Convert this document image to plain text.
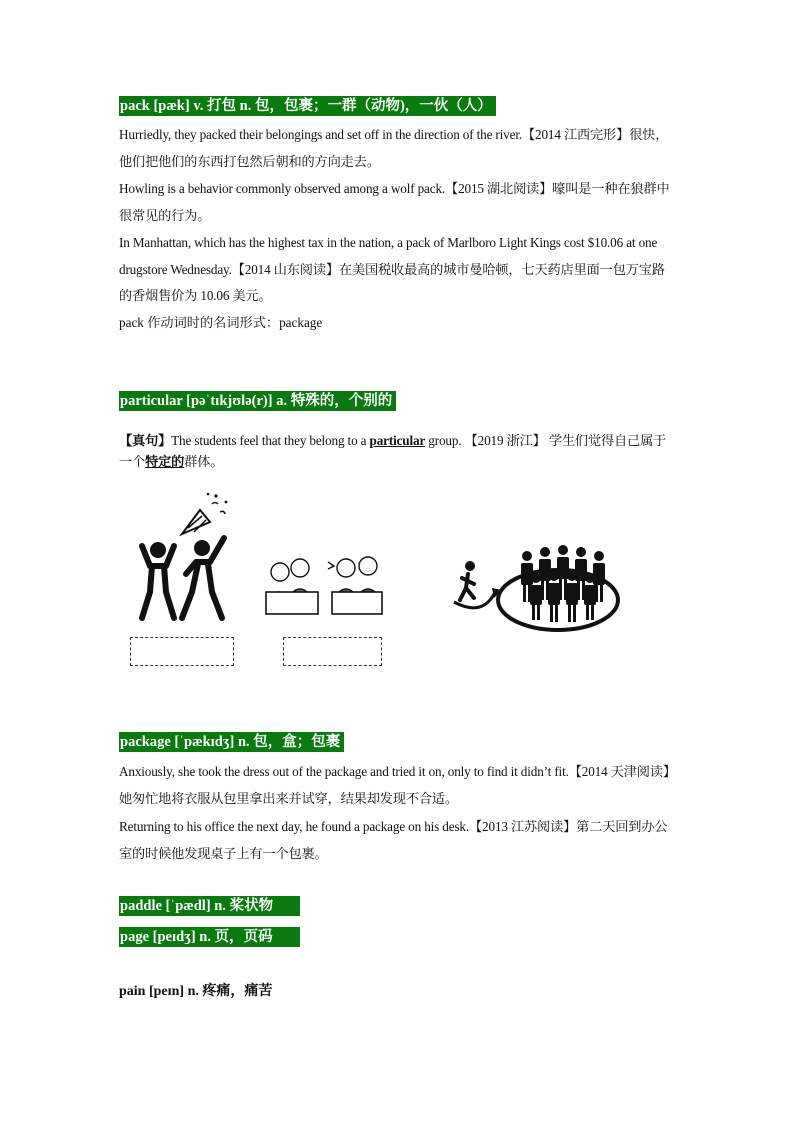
pack [pæk] v. 打包 n. 包，包裹；一群（动物)，一伙（人）
Hurriedly, they packed their belongings and set off in the direction of the river.【2014 江西完形】很快，他们把他们的东西打包然后朝和的方向走去。
Howling is a behavior commonly observed among a wolf pack.【2015 湖北阅读】嚎叫是一种在狼群中很常见的行为。
In Manhattan, which has the highest tax in the nation, a pack of Marlboro Light Kings cost $10.06 at one drugstore Wednesday.【2014 山东阅读】在美国税收最高的城市曼哈顿，七天药店里面一包万宝路的香烟售价为 10.06 美元。
pack 作动词时的名词形式：package
particular [pəˈtɪkjʊlə(r)] a. 特殊的，个别的
【真句】The students feel that they belong to a particular group. 【2019 浙江】 学生们觉得自己属于一个特定的群体。
package [ˈpækɪdʒ] n. 包，盒；包裹
Anxiously, she took the dress out of the package and tried it on, only to find it didn’t fit.【2014 天津阅读】她匆忙地将衣服从包里拿出来并试穿，结果却发现不合适。
Returning to his office the next day, he found a package on his desk.【2013 江苏阅读】第二天回到办公室的时候他发现桌子上有一个包裹。
paddle [ˈpædl] n. 桨状物
page [peɪdʒ] n. 页，页码
pain [peɪn] n. 疼痛，痛苦
